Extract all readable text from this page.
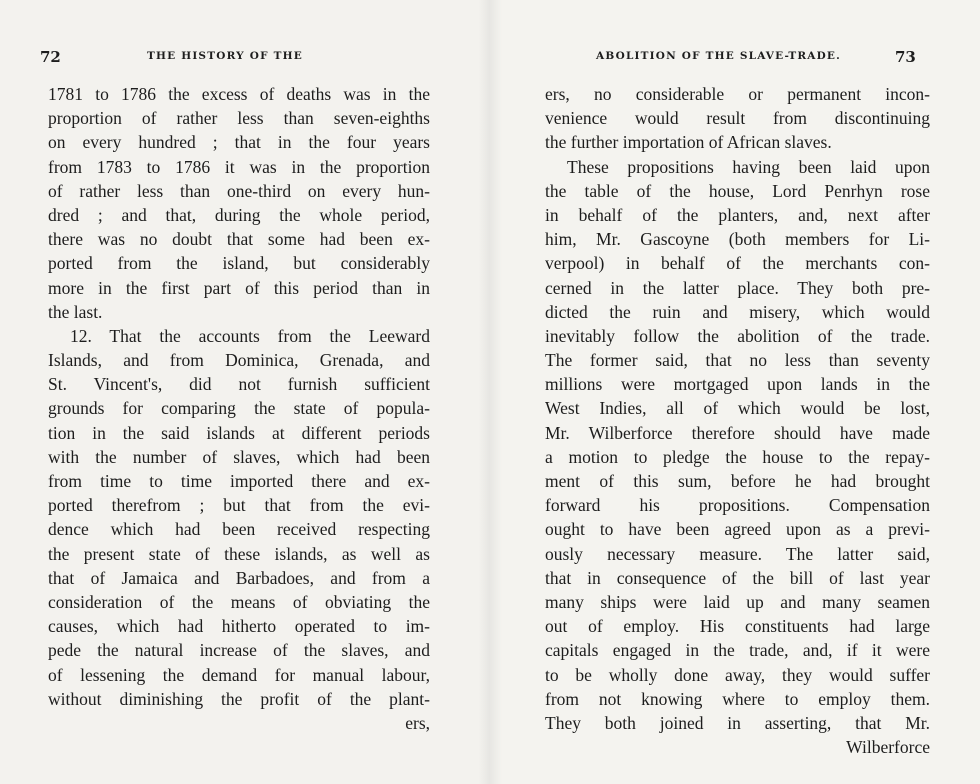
72	THE HISTORY OF THE
1781 to 1786 the excess of deaths was in the
proportion of rather less than seven-eighths
on every hundred ; that in the four years
from 1783 to 1786 it was in the proportion
of rather less than one-third on every hun-
dred ; and that, during the whole period,
there was no doubt that some had been ex-
ported from the island, but considerably
more in the first part of this period than in
the last.
12. That the accounts from the Leeward
Islands, and from Dominica, Grenada, and
St. Vincent's, did not furnish sufficient
grounds for comparing the state of popula-
tion in the said islands at different periods
with the number of slaves, which had been
from time to time imported there and ex-
ported therefrom ; but that from the evi-
dence which had been received respecting
the present state of these islands, as well as
that of Jamaica and Barbadoes, and from a
consideration of the means of obviating the
causes, which had hitherto operated to im-
pede the natural increase of the slaves, and
of lessening the demand for manual labour,
without diminishing the profit of the plant-
ers,
ABOLITION OF THE SLAVE-TRADE.	73
ers, no considerable or permanent incon-
venience would result from discontinuing
the further importation of African slaves.
These propositions having been laid upon
the table of the house, Lord Penrhyn rose
in behalf of the planters, and, next after
him, Mr. Gascoyne (both members for Li-
verpool) in behalf of the merchants con-
cerned in the latter place. They both pre-
dicted the ruin and misery, which would
inevitably follow the abolition of the trade.
The former said, that no less than seventy
millions were mortgaged upon lands in the
West Indies, all of which would be lost,
Mr. Wilberforce therefore should have made
a motion to pledge the house to the repay-
ment of this sum, before he had brought
forward his propositions. Compensation
ought to have been agreed upon as a previ-
ously necessary measure. The latter said,
that in consequence of the bill of last year
many ships were laid up and many seamen
out of employ. His constituents had large
capitals engaged in the trade, and, if it were
to be wholly done away, they would suffer
from not knowing where to employ them.
They both joined in asserting, that Mr.
Wilberforce
